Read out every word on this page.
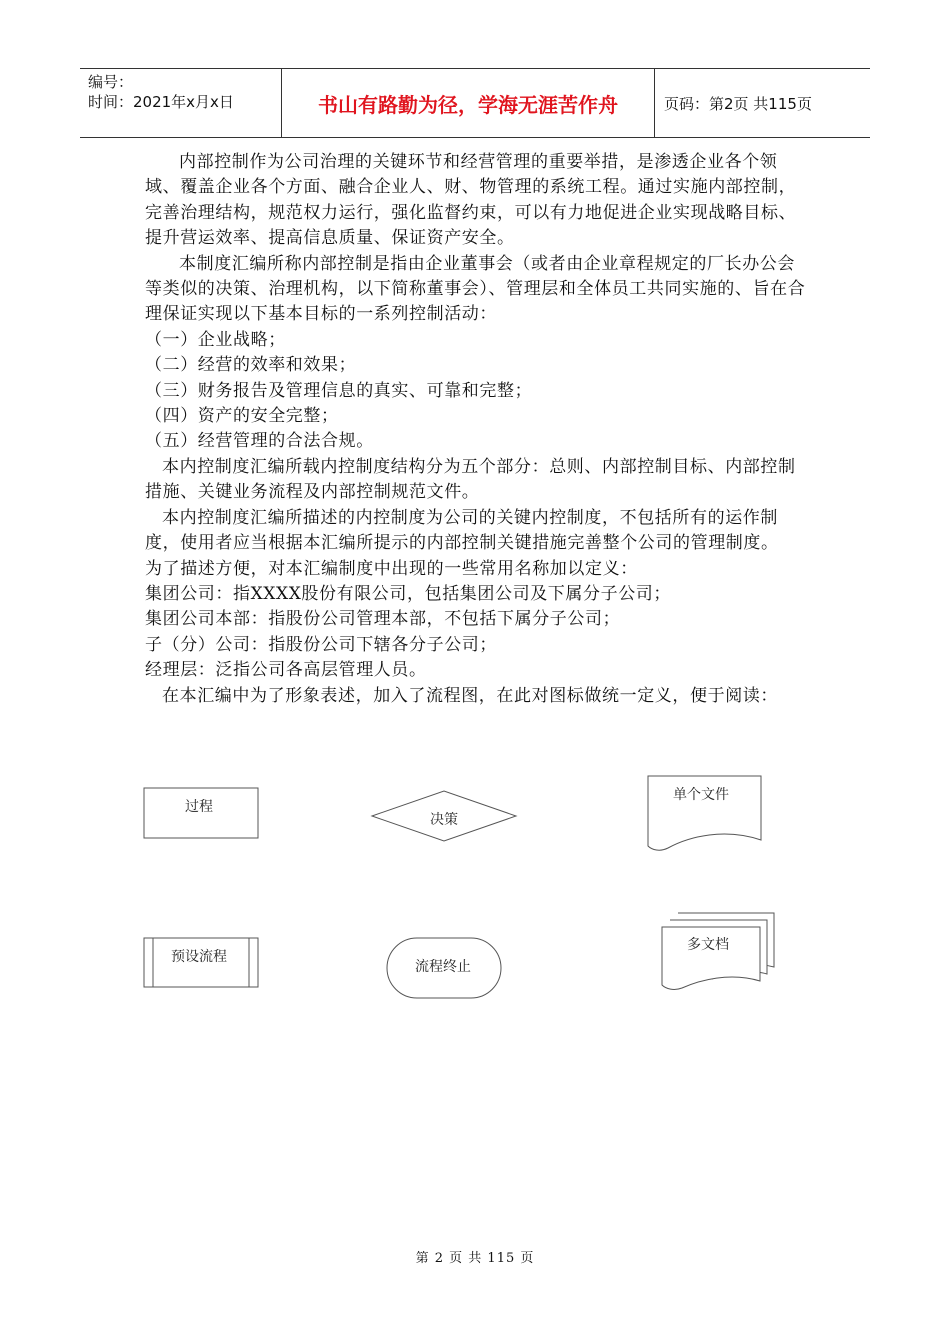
编号：
时间：2021年x月x日	书山有路勤为径，学海无涯苦作舟	页码：第2页 共115页

内部控制作为公司治理的关键环节和经营管理的重要举措，是渗透企业各个领域、覆盖企业各个方面、融合企业人、财、物管理的系统工程。通过实施内部控制，完善治理结构，规范权力运行，强化监督约束，可以有力地促进企业实现战略目标、提升营运效率、提高信息质量、保证资产安全。

本制度汇编所称内部控制是指由企业董事会（或者由企业章程规定的厂长办公会等类似的决策、治理机构，以下简称董事会）、管理层和全体员工共同实施的、旨在合理保证实现以下基本目标的一系列控制活动：

（一）企业战略；

（二）经营的效率和效果；

（三）财务报告及管理信息的真实、可靠和完整；

（四）资产的安全完整；

（五）经营管理的合法合规。

本内控制度汇编所载内控制度结构分为五个部分：总则、内部控制目标、内部控制措施、关键业务流程及内部控制规范文件。

本内控制度汇编所描述的内控制度为公司的关键内控制度，不包括所有的运作制度，使用者应当根据本汇编所提示的内部控制关键措施完善整个公司的管理制度。

为了描述方便，对本汇编制度中出现的一些常用名称加以定义：

集团公司：指XXXX股份有限公司，包括集团公司及下属分子公司；

集团公司本部：指股份公司管理本部，不包括下属分子公司；

子（分）公司：指股份公司下辖各分子公司；

经理层：泛指公司各高层管理人员。

在本汇编中为了形象表述，加入了流程图，在此对图标做统一定义，便于阅读：

过程
决策
单个文件
预设流程
流程终止
多文档
第 2 页 共 115 页
